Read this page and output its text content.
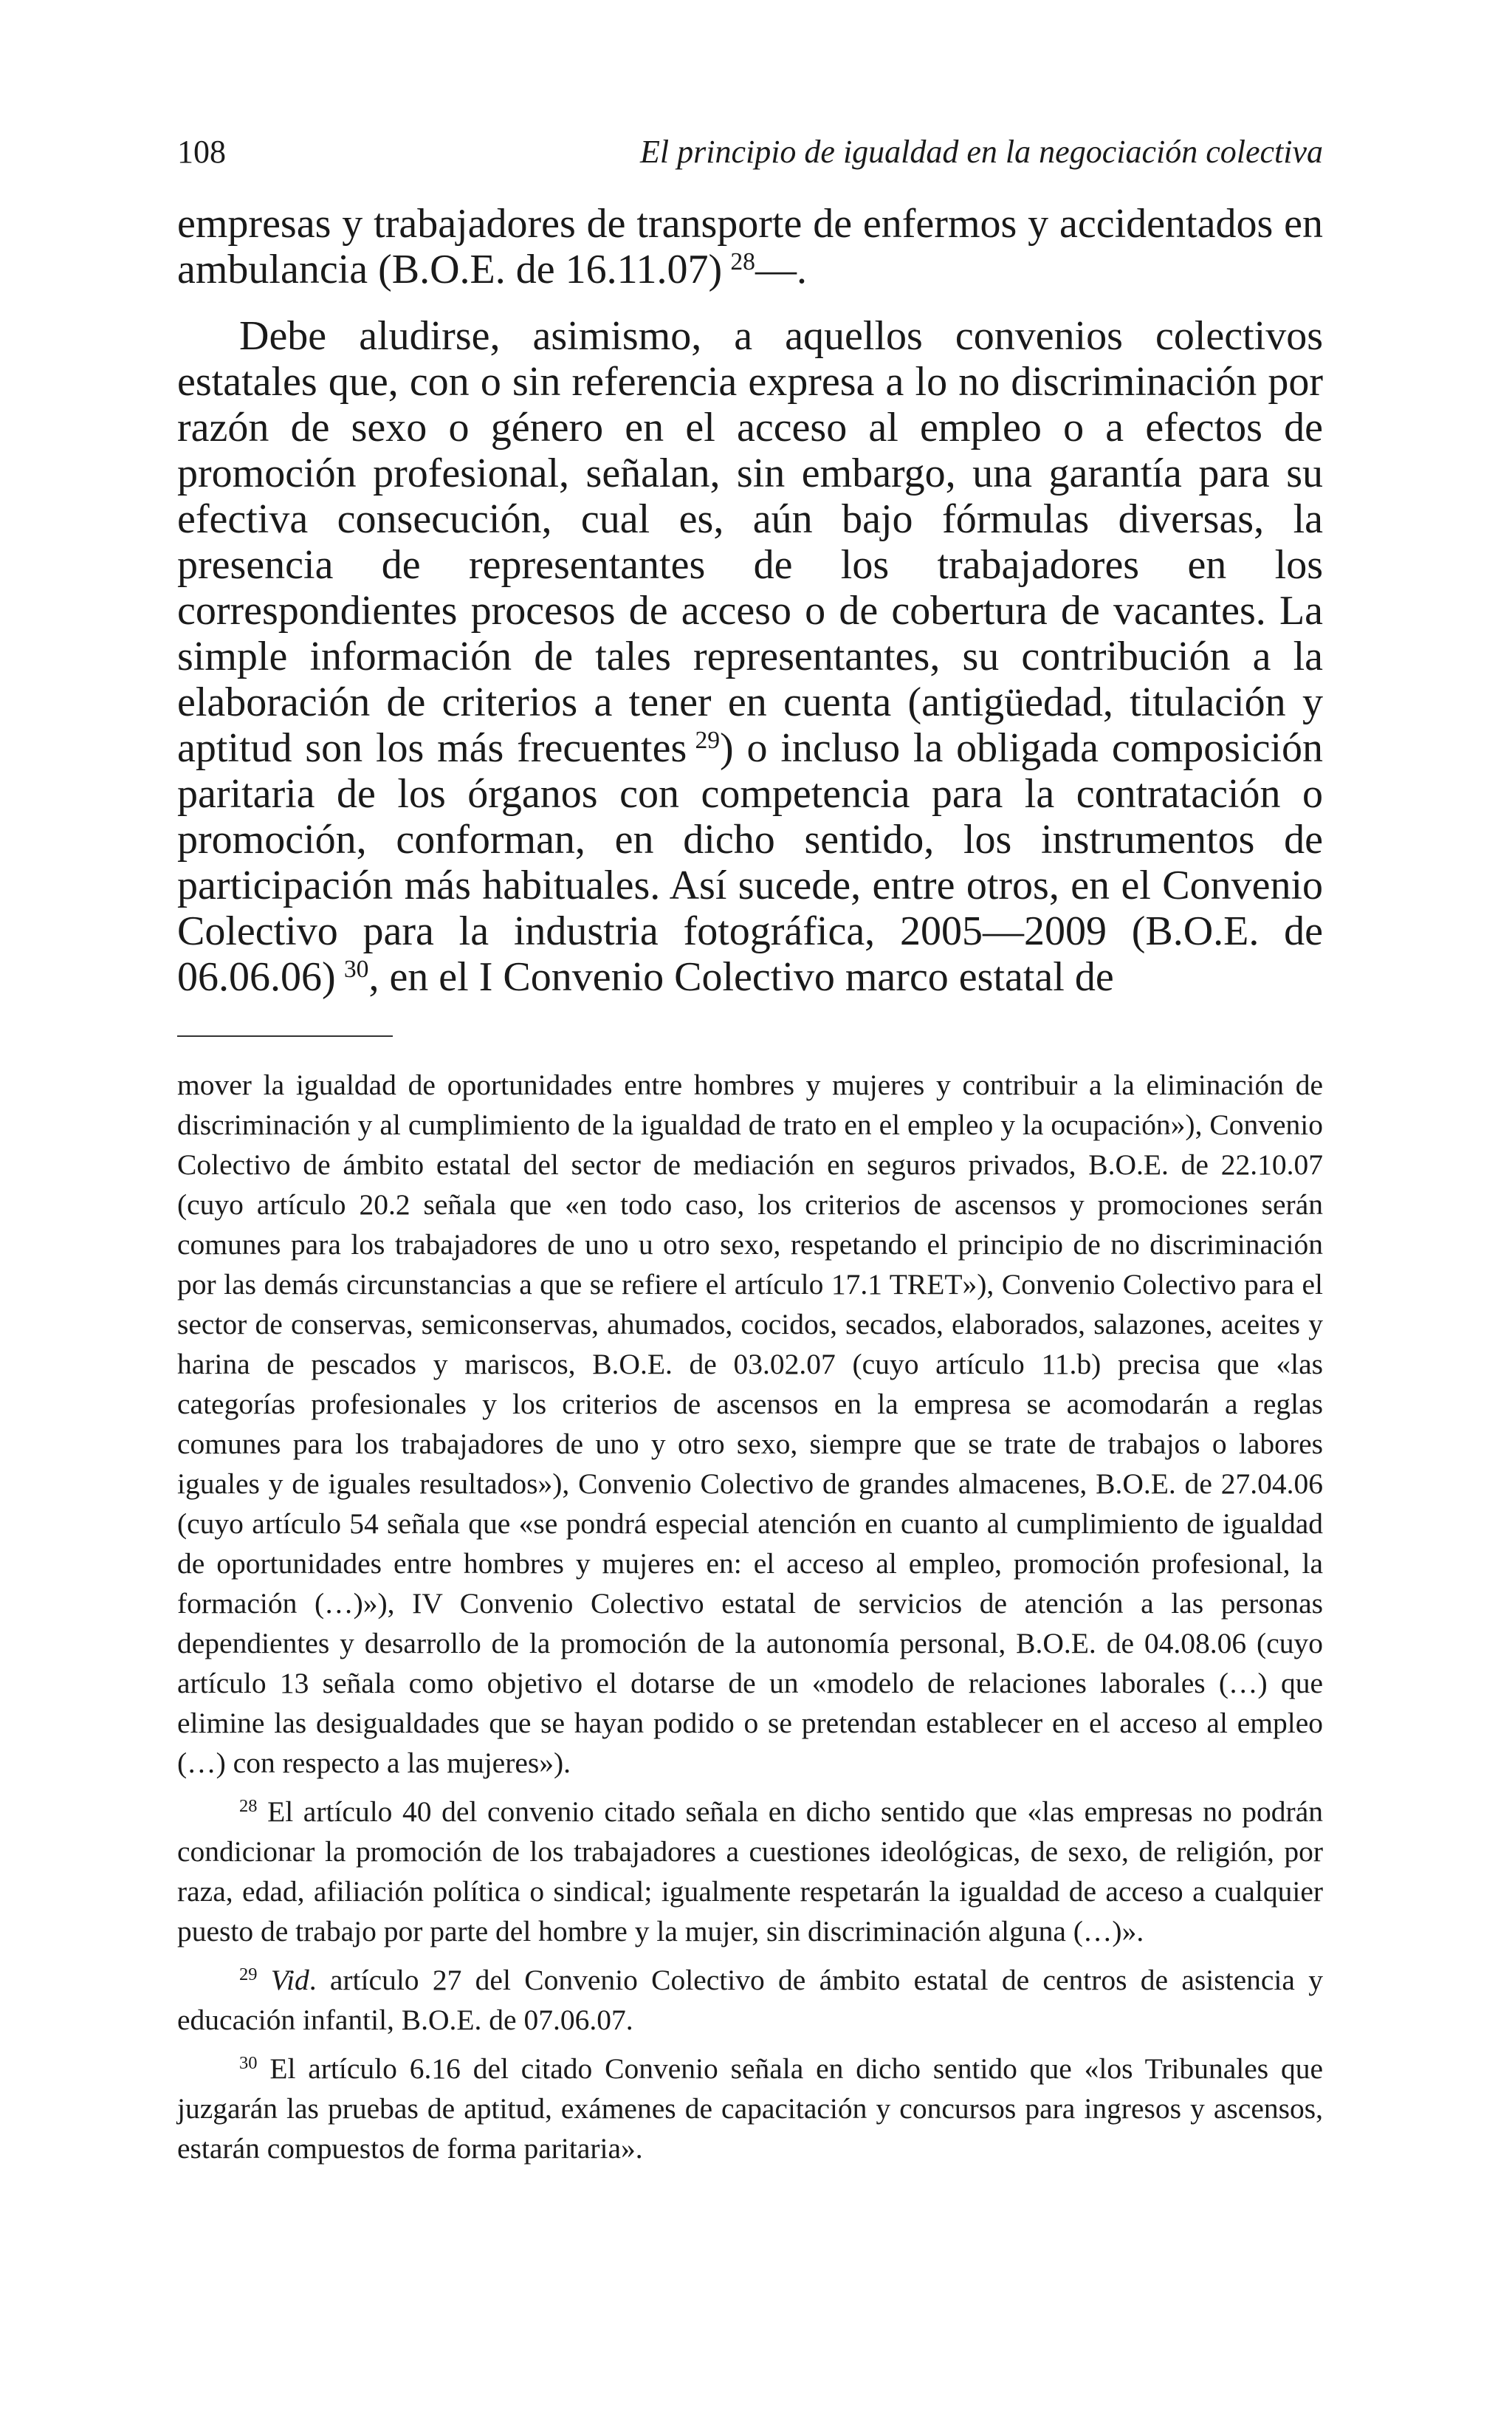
108	El principio de igualdad en la negociación colectiva

empresas y trabajadores de transporte de enfermos y accidentados en ambulancia (B.O.E. de 16.11.07)  $^{28}$—.

Debe aludirse, asimismo, a aquellos convenios colectivos estatales que, con o sin referencia expresa a lo no discriminación por razón de sexo o género en el acceso al empleo o a efectos de promoción profesional, señalan, sin embargo, una garantía para su efectiva consecución, cual es, aún bajo fórmulas diversas, la presencia de representantes de los trabajadores en los correspondientes procesos de acceso o de cobertura de vacantes. La simple información de tales representantes, su contribución a la elaboración de criterios a tener en cuenta (antigüedad, titulación y aptitud son los más frecuentes  $^{29}$) o incluso la obligada composición paritaria de los órganos con competencia para la contratación o promoción, conforman, en dicho sentido, los instrumentos de participación más habituales. Así sucede, entre otros, en el Convenio Colectivo para la industria fotográfica, 2005—2009 (B.O.E. de 06.06.06)  $^{30}$, en el I Convenio Colectivo marco estatal de

mover la igualdad de oportunidades entre hombres y mujeres y contribuir a la eliminación de discriminación y al cumplimiento de la igualdad de trato en el empleo y la ocupación»), Convenio Colectivo de ámbito estatal del sector de mediación en seguros privados, B.O.E. de 22.10.07 (cuyo artículo 20.2 señala que «en todo caso, los criterios de ascensos y promociones serán comunes para los trabajadores de uno u otro sexo, respetando el principio de no discriminación por las demás circunstancias a que se refiere el artículo 17.1 TRET»), Convenio Colectivo para el sector de conservas, semiconservas, ahumados, cocidos, secados, elaborados, salazones, aceites y harina de pescados y mariscos, B.O.E. de 03.02.07 (cuyo artículo 11.b) precisa que «las categorías profesionales y los criterios de ascensos en la empresa se acomodarán a reglas comunes para los trabajadores de uno y otro sexo, siempre que se trate de trabajos o labores iguales y de iguales resultados»), Convenio Colectivo de grandes almacenes, B.O.E. de 27.04.06 (cuyo artículo 54 señala que «se pondrá especial atención en cuanto al cumplimiento de igualdad de oportunidades entre hombres y mujeres en: el acceso al empleo, promoción profesional, la formación (…)»), IV Convenio Colectivo estatal de servicios de atención a las personas dependientes y desarrollo de la promoción de la autonomía personal, B.O.E. de 04.08.06 (cuyo artículo 13 señala como objetivo el dotarse de un «modelo de relaciones laborales (…) que elimine las desigualdades que se hayan podido o se pretendan establecer en el acceso al empleo (…) con respecto a las mujeres»).

$^{28}$ El artículo 40 del convenio citado señala en dicho sentido que «las empresas no podrán condicionar la promoción de los trabajadores a cuestiones ideológicas, de sexo, de religión, por raza, edad, afiliación política o sindical; igualmente respetarán la igualdad de acceso a cualquier puesto de trabajo por parte del hombre y la mujer, sin discriminación alguna (…)».

$^{29}$ Vid. artículo 27 del Convenio Colectivo de ámbito estatal de centros de asistencia y educación infantil, B.O.E. de 07.06.07.

$^{30}$ El artículo 6.16 del citado Convenio señala en dicho sentido que «los Tribunales que juzgarán las pruebas de aptitud, exámenes de capacitación y concursos para ingresos y ascensos, estarán compuestos de forma paritaria».
